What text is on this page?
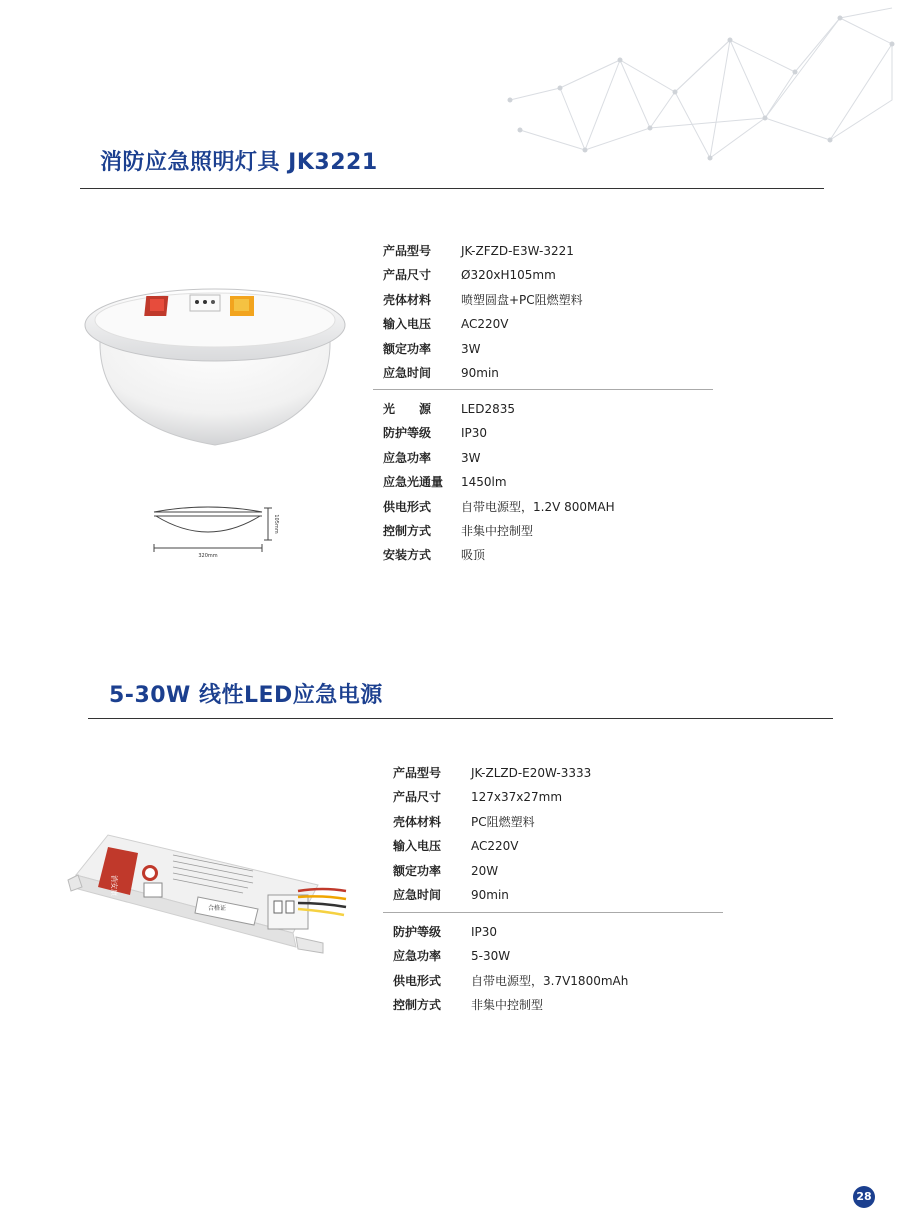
消防应急照明灯具 JK3221
320mm
105mm
产品型号	JK-ZFZD-E3W-3221
产品尺寸	Ø320xH105mm
壳体材料	喷塑圆盘+PC阻燃塑料
输入电压	AC220V
额定功率	3W
应急时间	90min
光 源	LED2835
防护等级	IP30
应急功率	3W
应急光通量	1450lm
供电形式	自带电源型，1.2V 800MAH
控制方式	非集中控制型
安装方式	吸顶
5-30W 线性LED应急电源
消安康
合格证
产品型号	JK-ZLZD-E20W-3333
产品尺寸	127x37x27mm
壳体材料	PC阻燃塑料
输入电压	AC220V
额定功率	20W
应急时间	90min
防护等级	IP30
应急功率	5-30W
供电形式	自带电源型，3.7V1800mAh
控制方式	非集中控制型
28
